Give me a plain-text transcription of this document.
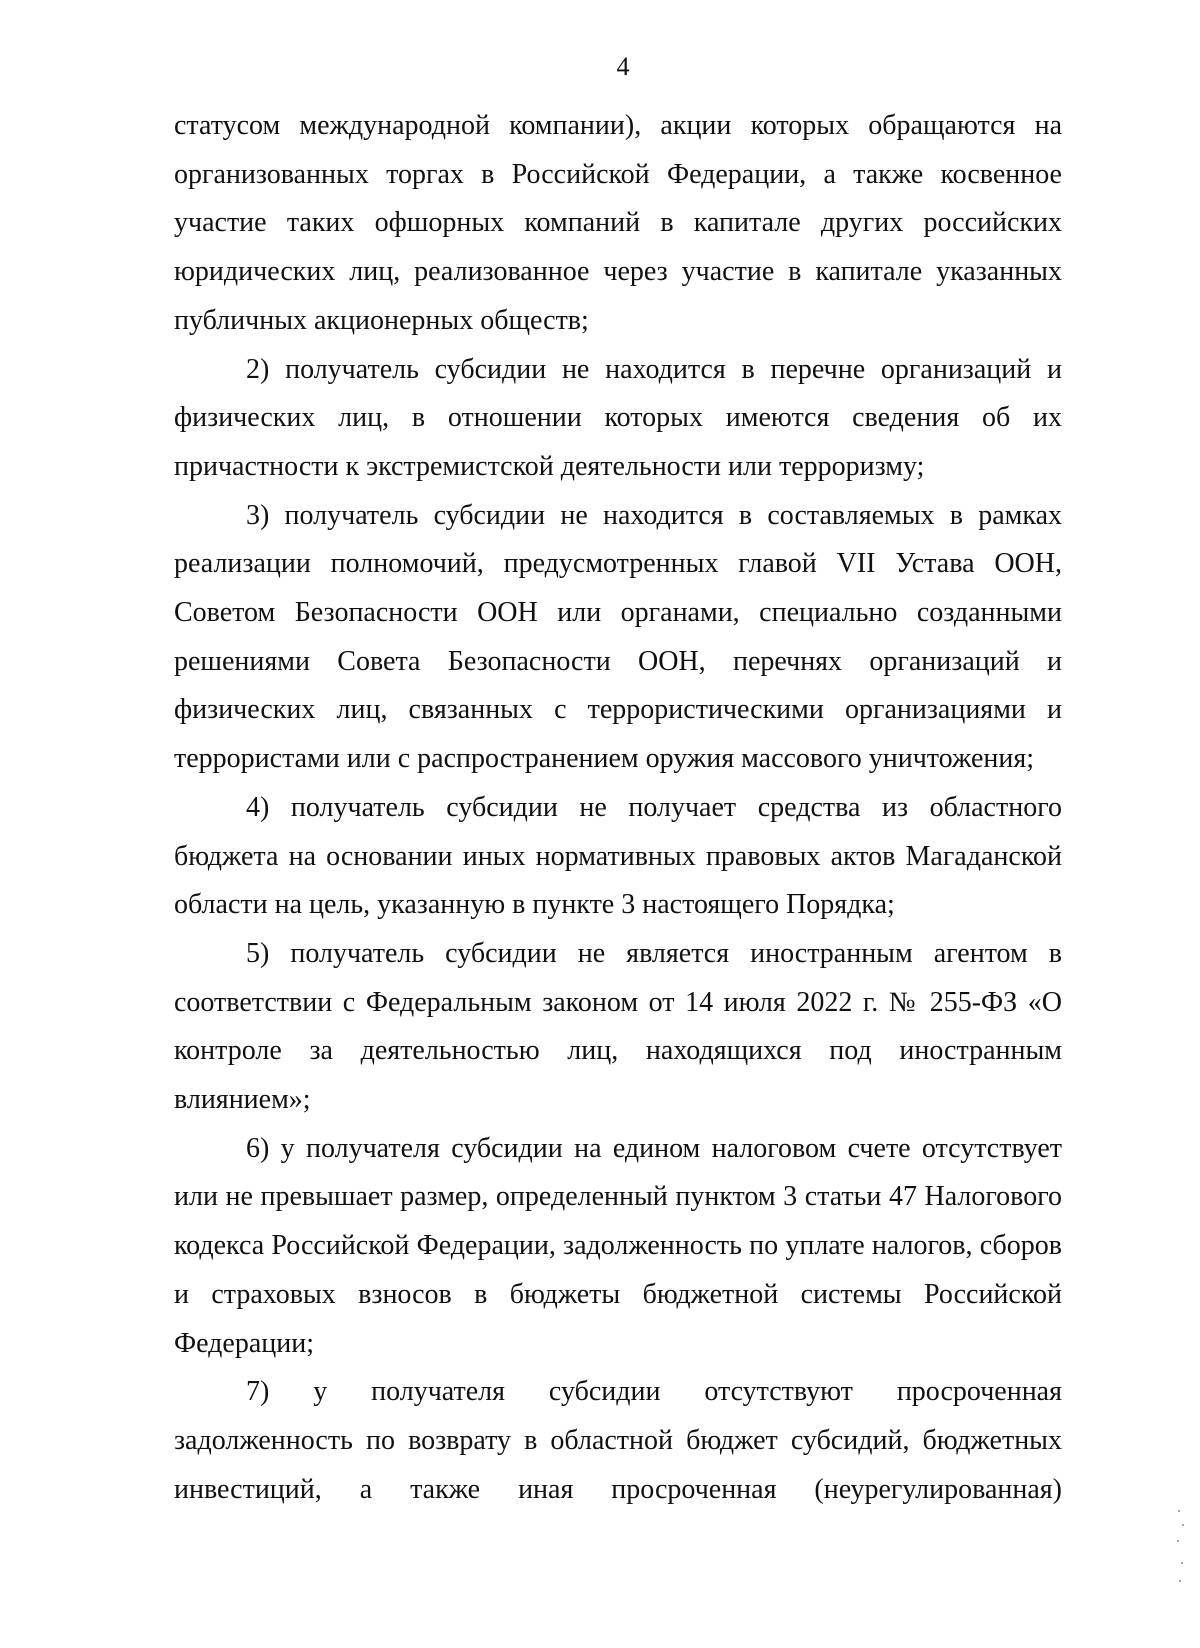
4

статусом международной компании), акции которых обращаются на организованных торгах в Российской Федерации, а также косвенное участие таких офшорных компаний в капитале других российских юридических лиц, реализованное через участие в капитале указанных публичных акционерных обществ;

2) получатель субсидии не находится в перечне организаций и физических лиц, в отношении которых имеются сведения об их причастности к экстремистской деятельности или терроризму;

3) получатель субсидии не находится в составляемых в рамках реализации полномочий, предусмотренных главой VII Устава ООН, Советом Безопасности ООН или органами, специально созданными решениями Совета Безопасности ООН, перечнях организаций и физических лиц, связанных с террористическими организациями и террористами или с распространением оружия массового уничтожения;

4) получатель субсидии не получает средства из областного бюджета на основании иных нормативных правовых актов Магаданской области на цель, указанную в пункте 3 настоящего Порядка;

5) получатель субсидии не является иностранным агентом в соответствии с Федеральным законом от 14 июля 2022 г. № 255-ФЗ «О контроле за деятельностью лиц, находящихся под иностранным влиянием»;

6) у получателя субсидии на едином налоговом счете отсутствует или не превышает размер, определенный пунктом 3 статьи 47 Налогового кодекса Российской Федерации, задолженность по уплате налогов, сборов и страховых взносов в бюджеты бюджетной системы Российской Федерации;

7) у получателя субсидии отсутствуют просроченная задолженность по возврату в областной бюджет субсидий, бюджетных инвестиций, а также иная просроченная (неурегулированная)
